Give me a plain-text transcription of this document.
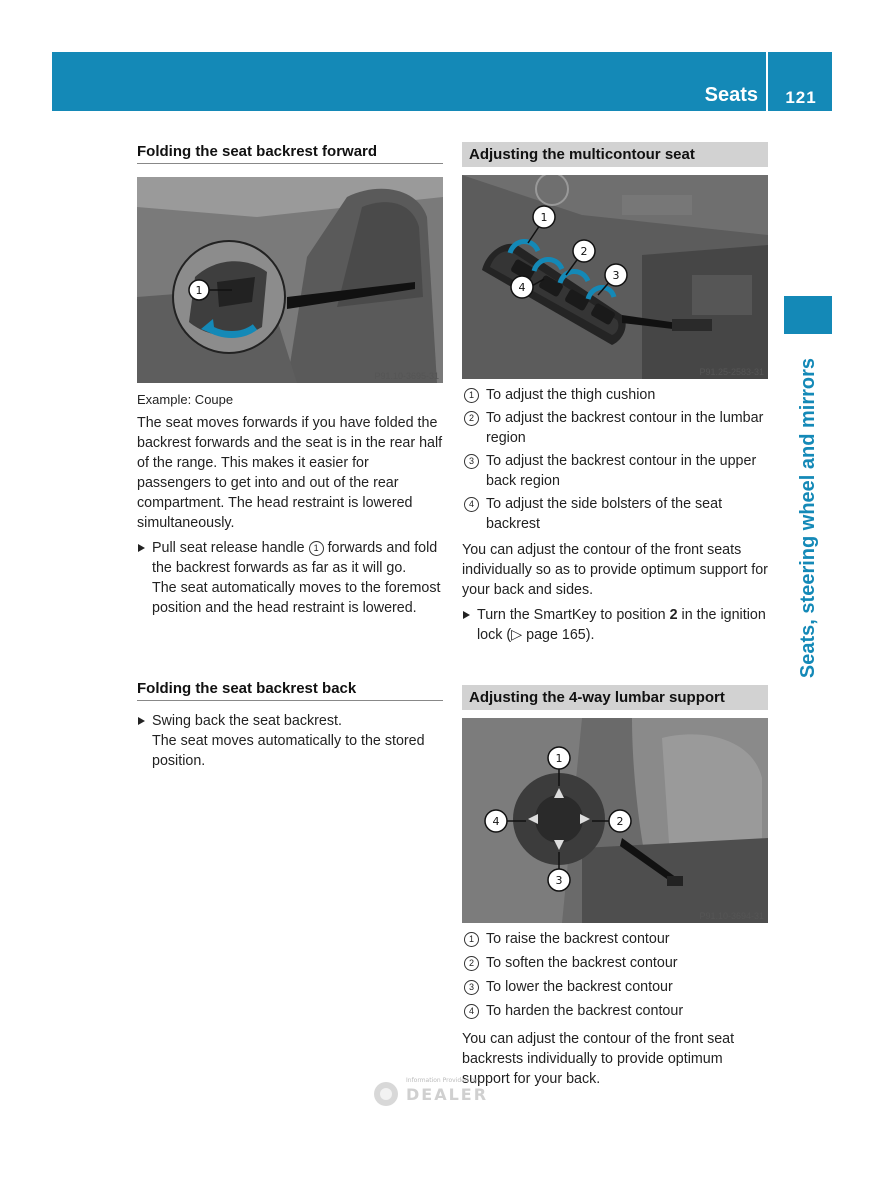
Seats	121
Seats, steering wheel and mirrors
Folding the seat backrest forward
1
P91.10-3695-31

Example: Coupe

The seat moves forwards if you have folded the backrest forwards and the seat is in the rear half of the range. This makes it easier for passengers to get into and out of the rear compartment. The head restraint is lowered simultaneously.

Pull seat release handle 1 forwards and fold the backrest forwards as far as it will go.

The seat automatically moves to the foremost position and the head restraint is lowered.

Folding the seat backrest back

Swing back the seat backrest.

The seat moves automatically to the stored position.

Adjusting the multicontour seat
1
2
3
4
P91.25-2583-31
1 To adjust the thigh cushion
2 To adjust the backrest contour in the lumbar region
3 To adjust the backrest contour in the upper back region
4 To adjust the side bolsters of the seat backrest

You can adjust the contour of the front seats individually so as to provide optimum support for your back and sides.

Turn the SmartKey to position 2 in the ignition lock (▷ page 165).

Adjusting the 4-way lumbar support
1
2
3
4
P91.10-3694-31
1 To raise the backrest contour
2 To soften the backrest contour
3 To lower the backrest contour
4 To harden the backrest contour

You can adjust the contour of the front seat backrests individually to provide optimum support for your back.

Information Provided by
DEALER
